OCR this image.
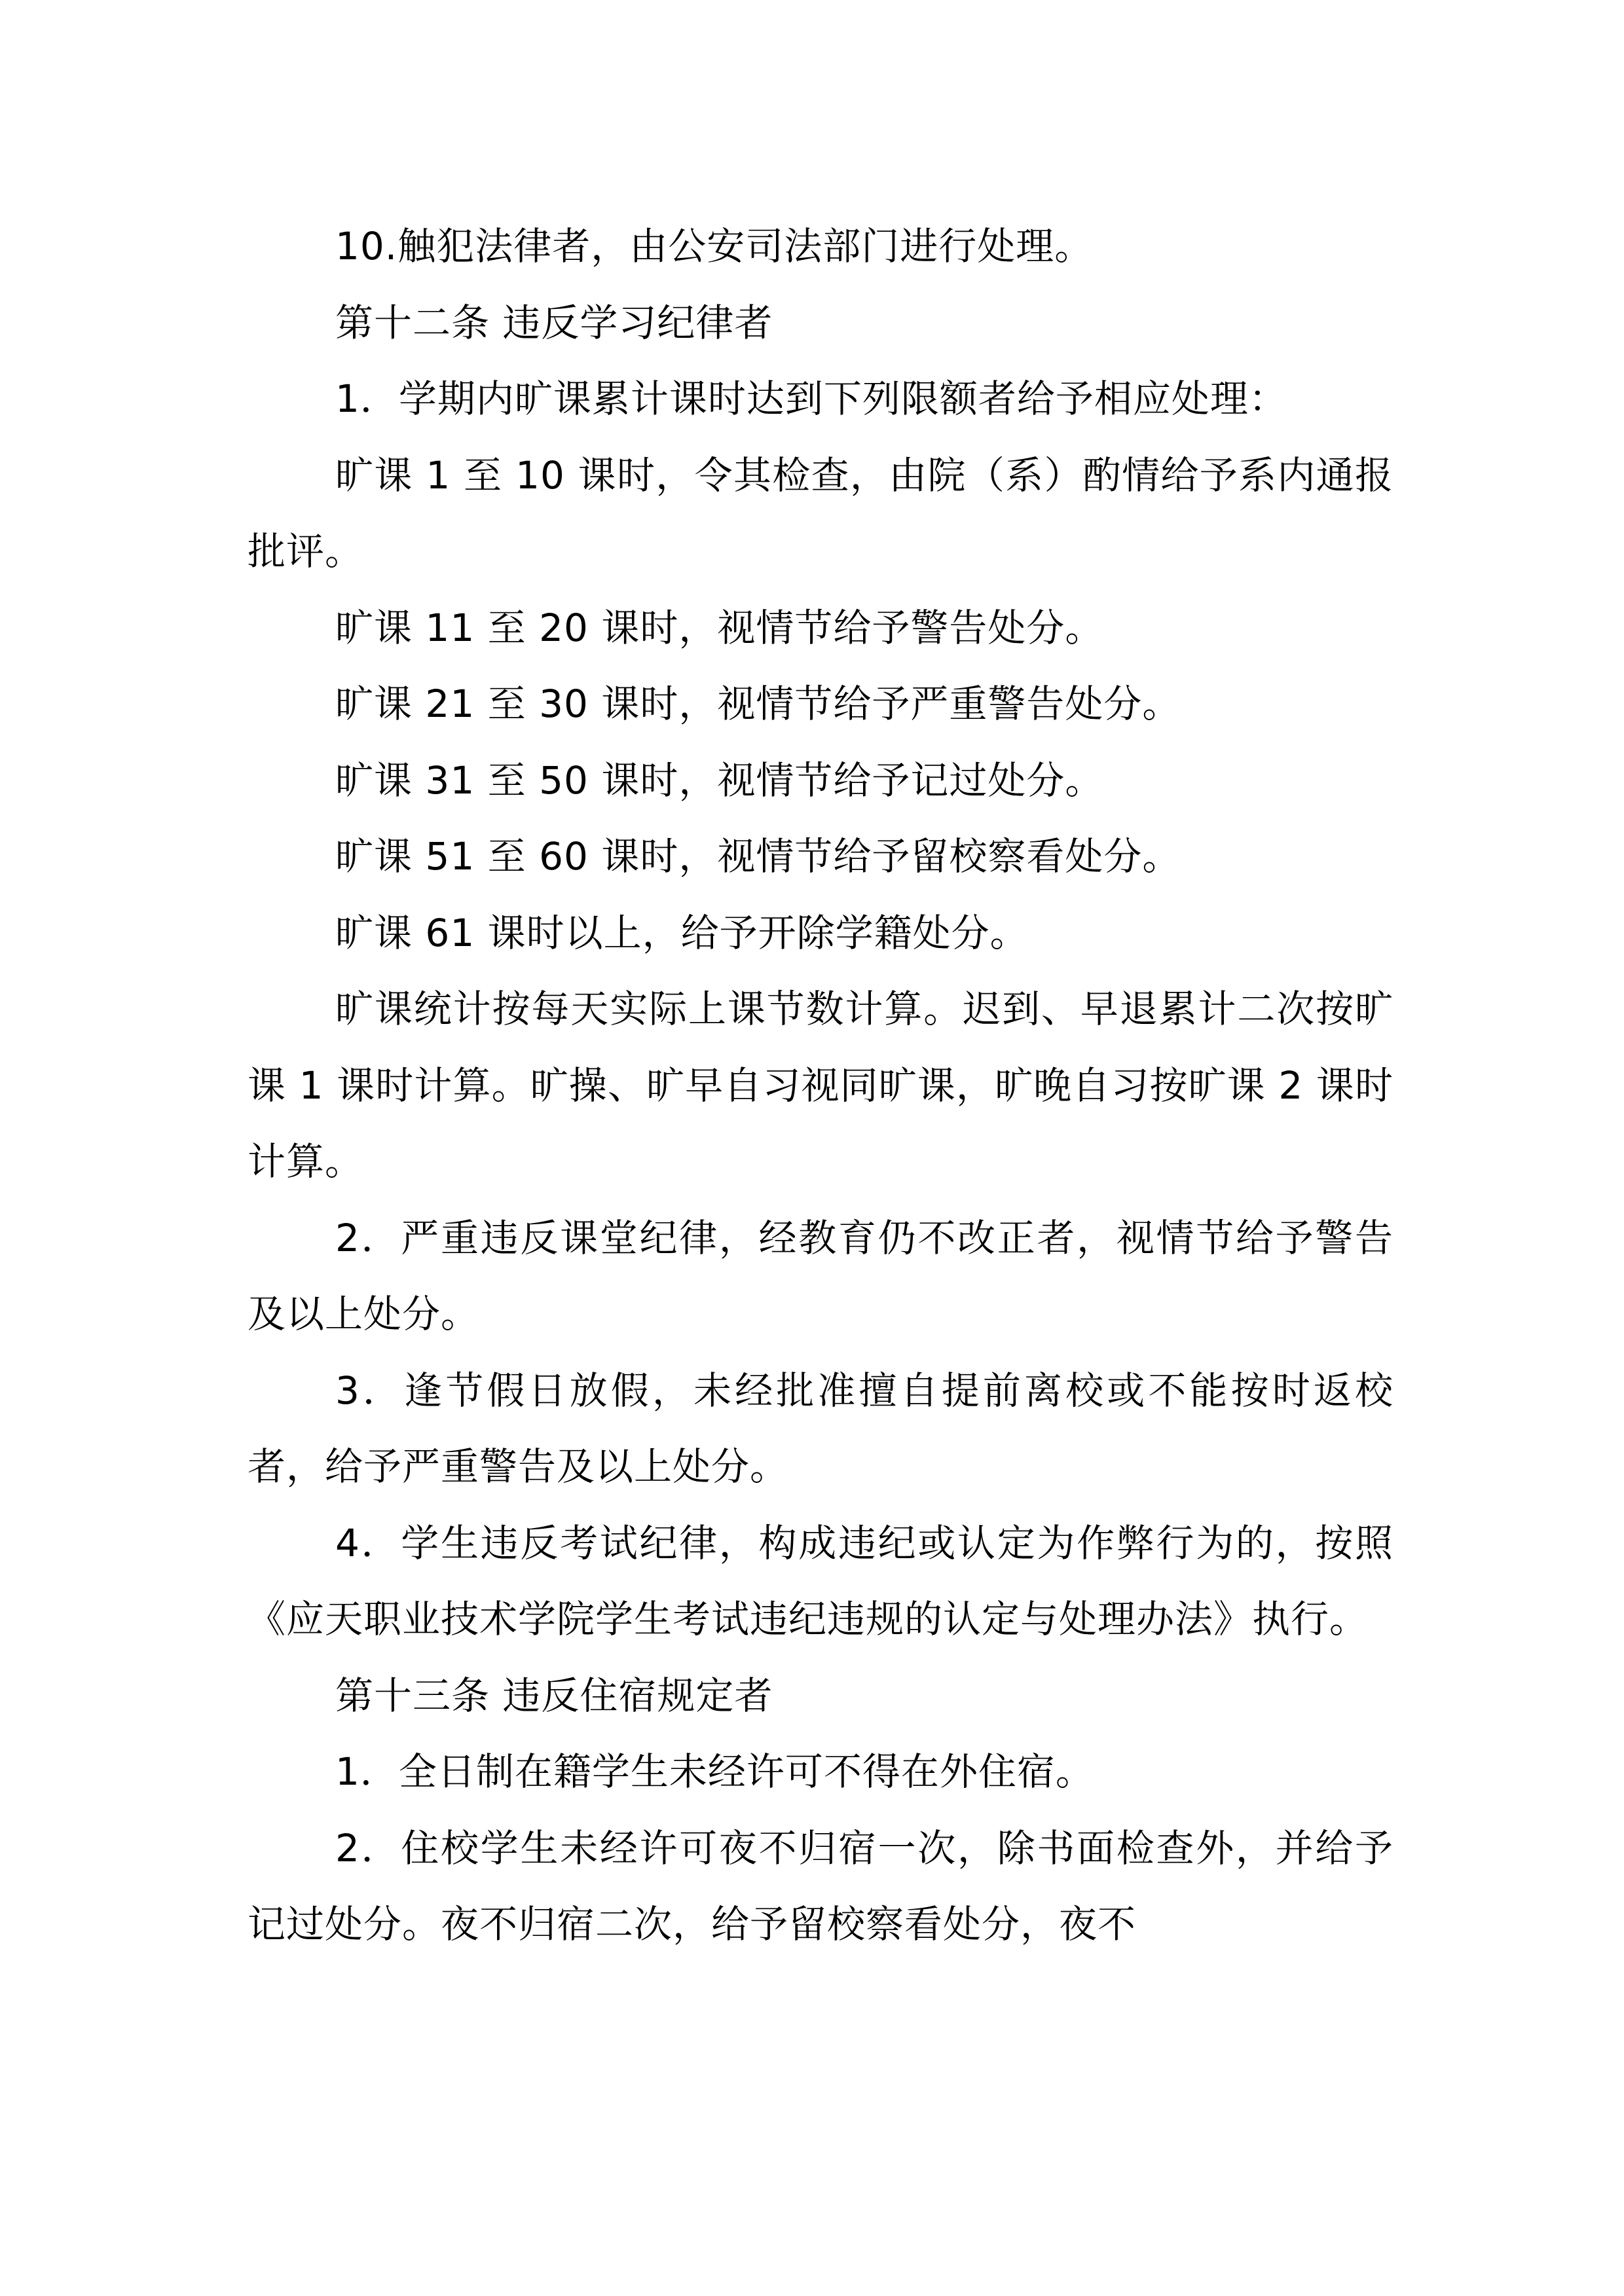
10.触犯法律者，由公安司法部门进行处理。

第十二条 违反学习纪律者

1．学期内旷课累计课时达到下列限额者给予相应处理：

旷课 1 至 10 课时，令其检查，由院（系）酌情给予系内通报批评。

旷课 11 至 20 课时，视情节给予警告处分。

旷课 21 至 30 课时，视情节给予严重警告处分。

旷课 31 至 50 课时，视情节给予记过处分。

旷课 51 至 60 课时，视情节给予留校察看处分。

旷课 61 课时以上，给予开除学籍处分。

旷课统计按每天实际上课节数计算。迟到、早退累计二次按旷课 1 课时计算。旷操、旷早自习视同旷课，旷晚自习按旷课 2 课时计算。

2．严重违反课堂纪律，经教育仍不改正者，视情节给予警告及以上处分。

3．逢节假日放假，未经批准擅自提前离校或不能按时返校者，给予严重警告及以上处分。

4．学生违反考试纪律，构成违纪或认定为作弊行为的，按照《应天职业技术学院学生考试违纪违规的认定与处理办法》执行。

第十三条 违反住宿规定者

1．全日制在籍学生未经许可不得在外住宿。

2．住校学生未经许可夜不归宿一次，除书面检查外，并给予记过处分。夜不归宿二次，给予留校察看处分，夜不
